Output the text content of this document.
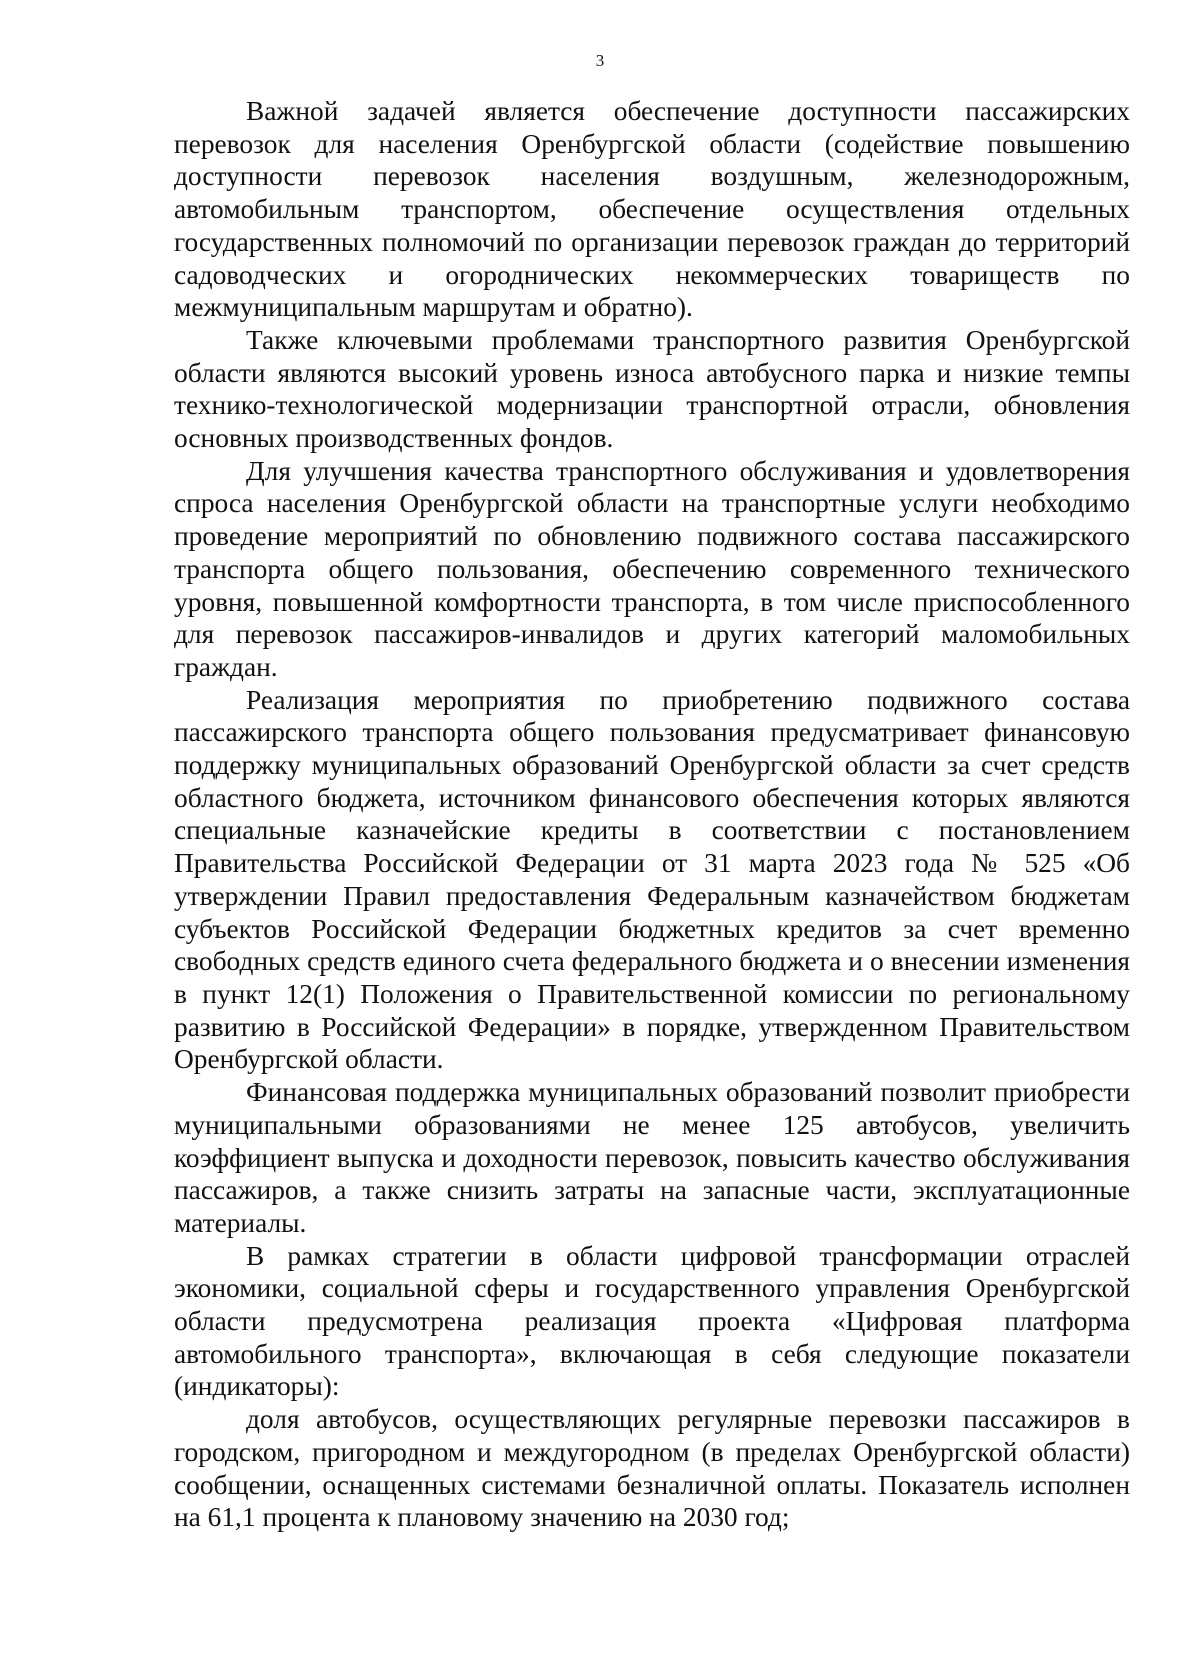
3

Важной задачей является обеспечение доступности пассажирских перевозок для населения Оренбургской области (содействие повышению доступности перевозок населения воздушным, железнодорожным, автомобильным транспортом, обеспечение осуществления отдельных государственных полномочий по организации перевозок граждан до территорий садоводческих и огороднических некоммерческих товариществ по межмуниципальным маршрутам и обратно).

Также ключевыми проблемами транспортного развития Оренбургской области являются высокий уровень износа автобусного парка и низкие темпы технико-технологической модернизации транспортной отрасли, обновления основных производственных фондов.

Для улучшения качества транспортного обслуживания и удовлетворения спроса населения Оренбургской области на транспортные услуги необходимо проведение мероприятий по обновлению подвижного состава пассажирского транспорта общего пользования, обеспечению современного технического уровня, повышенной комфортности транспорта, в том числе приспособленного для перевозок пассажиров-инвалидов и других категорий маломобильных граждан.

Реализация мероприятия по приобретению подвижного состава пассажирского транспорта общего пользования предусматривает финансовую поддержку муниципальных образований Оренбургской области за счет средств областного бюджета, источником финансового обеспечения которых являются специальные казначейские кредиты в соответствии с постановлением Правительства Российской Федерации от 31 марта 2023 года № 525 «Об утверждении Правил предоставления Федеральным казначейством бюджетам субъектов Российской Федерации бюджетных кредитов за счет временно свободных средств единого счета федерального бюджета и о внесении изменения в пункт 12(1) Положения о Правительственной комиссии по региональному развитию в Российской Федерации» в порядке, утвержденном Правительством Оренбургской области.

Финансовая поддержка муниципальных образований позволит приобрести муниципальными образованиями не менее 125 автобусов, увеличить коэффициент выпуска и доходности перевозок, повысить качество обслуживания пассажиров, а также снизить затраты на запасные части, эксплуатационные материалы.

В рамках стратегии в области цифровой трансформации отраслей экономики, социальной сферы и государственного управления Оренбургской области предусмотрена реализация проекта «Цифровая платформа автомобильного транспорта», включающая в себя следующие показатели (индикаторы):

доля автобусов, осуществляющих регулярные перевозки пассажиров в городском, пригородном и междугородном (в пределах Оренбургской области) сообщении, оснащенных системами безналичной оплаты. Показатель исполнен на 61,1 процента к плановому значению на 2030 год;
